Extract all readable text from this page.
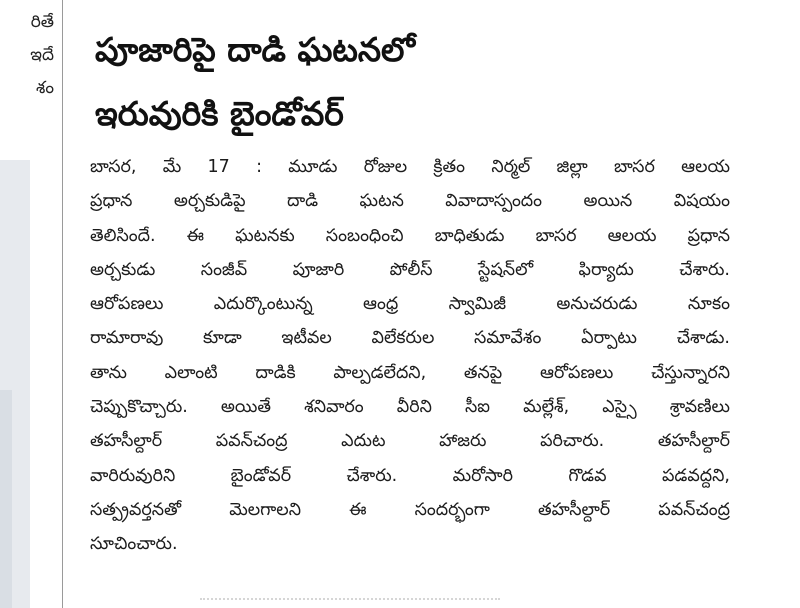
రితే
ఇదే
శం
పూజారిపై దాడి ఘటనలో
ఇరువురికి బైండోవర్
బాసర, మే 17 : మూడు రోజుల క్రితం నిర్మల్ జిల్లా బాసర ఆలయ
ప్రధాన అర్చకుడిపై దాడి ఘటన వివాదాస్పందం అయిన విషయం
తెలిసిందే. ఈ ఘటనకు సంబంధించి బాధితుడు బాసర ఆలయ ప్రధాన
అర్చకుడు సంజీవ్ పూజారి పోలీస్ స్టేషన్‌లో ఫిర్యాదు చేశారు.
ఆరోపణలు ఎదుర్కొంటున్న ఆంధ్ర స్వామిజీ అనుచరుడు నూకం
రామారావు కూడా ఇటీవల విలేకరుల సమావేశం ఏర్పాటు చేశాడు.
తాను ఎలాంటి దాడికి పాల్పడలేదని, తనపై ఆరోపణలు చేస్తున్నారని
చెప్పుకొచ్చారు. అయితే శనివారం వీరిని సీఐ మల్లేశ్, ఎస్సై శ్రావణిలు
తహసీల్దార్ పవన్‌చంద్ర ఎదుట హాజరు పరిచారు. తహసీల్దార్
వారిరువురిని బైండోవర్ చేశారు. మరోసారి గొడవ పడవద్దని,
సత్ప్రవర్తనతో మెలగాలని ఈ సందర్భంగా తహసీల్దార్ పవన్‌చంద్ర
సూచించారు.
